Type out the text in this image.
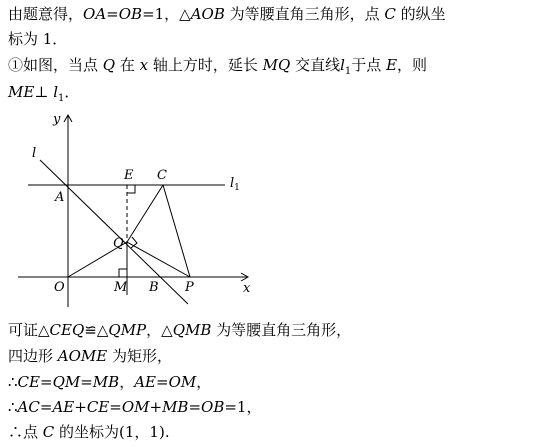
由题意得，OA=OB=1，△AOB 为等腰直角三角形，点 C 的纵坐
标为 1．
①如图，当点 Q 在 x 轴上方时，延长 MQ 交直线$l_1$于点 E，则
ME⊥ $l_1$．
y
x
l
$l_1$
E C
A
Q
O	M B P
可证△CEQ≌△QMP，△QMB 为等腰直角三角形，
四边形 AOME 为矩形，
∴CE=QM=MB，AE=OM，
∴AC=AE+CE=OM+MB=OB=1，
∴点 C 的坐标为(1，1).
